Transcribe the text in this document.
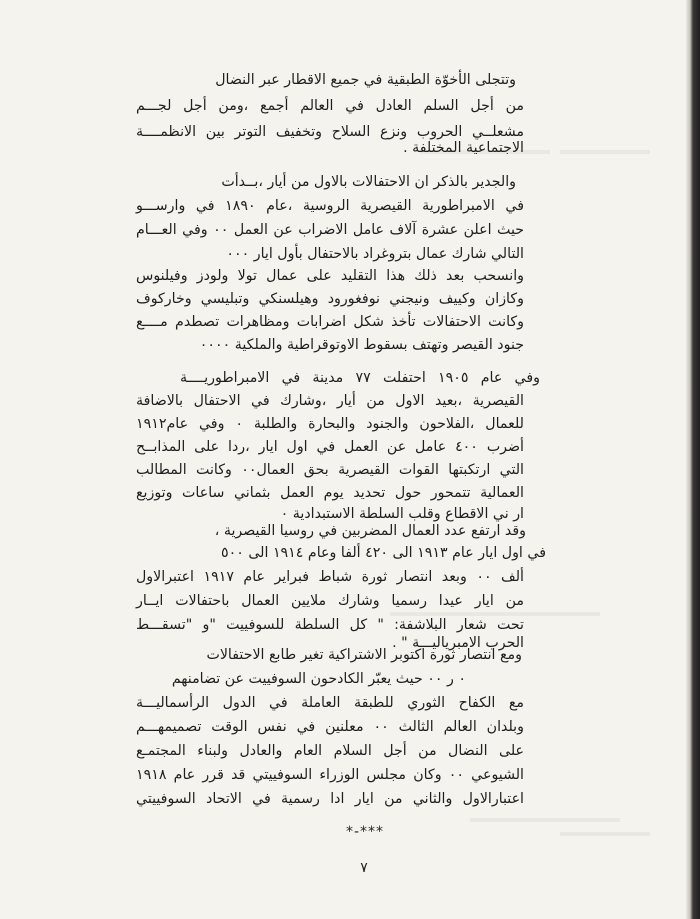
وتتجلى الأخوّة الطبقية في جميع الاقطار عبر النضال
من أجل السلم العادل في العالم أجمع ،ومن أجل لجـــم
مشعلــي الحروب ونزع السلاح وتخفيف التوتر بين الانظمــــة
الاجتماعية المختلفة .
والجدير بالذكر ان الاحتفالات بالاول من أيار ،بــدأت
في الامبراطورية القيصرية الروسية ،عام ١٨٩٠ في وارســـو
حيث اعلن عشرة آلاف عامل الاضراب عن العمل ٠٠ وفي العـــام
التالي شارك عمال بتروغراد بالاحتفال بأول ايار ٠٠٠
وانسحب بعد ذلك هذا التقليد على عمال تولا ولودز وفيلنوس
وكازان وكييف ونيجني نوفغورود وهيلسنكي وتبليسي وخاركوف
وكانت الاحتفالات تأخذ شكل اضرابات ومظاهرات تصطدم مــــع
جنود القيصر وتهتف بسقوط الاوتوقراطية والملكية ٠٠٠٠
وفي عام ١٩٠٥ احتفلت ٧٧ مدينة في الامبراطوريــــة
القيصرية ،بعيد الاول من أيار ،وشارك في الاحتفال بالاضافة
للعمال ،الفلاحون والجنود والبحارة والطلبة ٠ وفي عام١٩١٢
أضرب ٤٠٠ عامل عن العمل في اول ايار ،ردا على المذابــح
التي ارتكبتها القوات القيصرية بحق العمال٠٠ وكانت المطالب
العمالية تتمحور حول تحديد يوم العمل بثماني ساعات وتوزيع
ار ني الاقطاع وقلب السلطة الاستبدادية ٠
وقد ارتفع عدد العمال المضربين في روسيا القيصرية ،
في اول ايار عام ١٩١٣ الى ٤٢٠ ألفا وعام ١٩١٤ الى ٥٠٠
ألف ٠٠ وبعد انتصار ثورة شباط فبراير عام ١٩١٧ اعتبرالاول
من ايار عيدا رسميا وشارك ملايين العمال باحتفالات ايــار
تحت شعار البلاشفة: " كل السلطة للسوفييت "و "تسقـــط
الحرب الامبرياليـــة " .
ومع انتصار ثورة اكتوبر الاشتراكية تغير طابع الاحتفالات
٠ ر ٠٠ حيث يعبّر الكادحون السوفييت عن تضامنهم
مع الكفاح الثوري للطبقة العاملة في الدول الرأسماليـــة
وبلدان العالم الثالث ٠٠ معلنين في نفس الوقت تصميمهـــم
على النضال من أجل السلام العام والعادل ولبناء المجتمـع
الشيوعي ٠٠ وكان مجلس الوزراء السوفييتي قد قرر عام ١٩١٨
اعتبارالاول والثاني من ايار ادا رسمية في الاتحاد السوفييتي
*-***
٧
